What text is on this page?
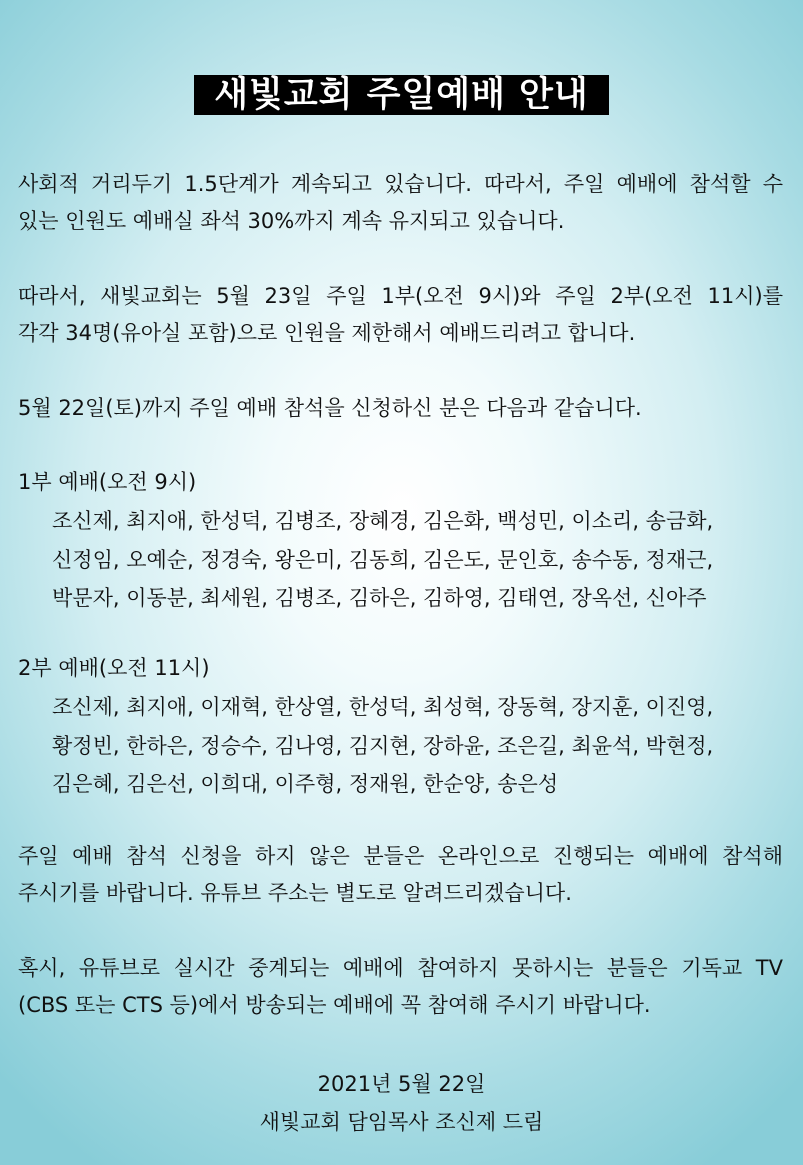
새빛교회 주일예배 안내

사회적 거리두기 1.5단계가 계속되고 있습니다. 따라서, 주일 예배에 참석할 수
있는 인원도 예배실 좌석 30%까지 계속 유지되고 있습니다.

따라서, 새빛교회는 5월 23일 주일 1부(오전 9시)와 주일 2부(오전 11시)를
각각 34명(유아실 포함)으로 인원을 제한해서 예배드리려고 합니다.

5월 22일(토)까지 주일 예배 참석을 신청하신 분은 다음과 같습니다.

1부 예배(오전 9시)

조신제, 최지애, 한성덕, 김병조, 장혜경, 김은화, 백성민, 이소리, 송금화,
신정임, 오예순, 정경숙, 왕은미, 김동희, 김은도, 문인호, 송수동, 정재근,
박문자, 이동분, 최세원, 김병조, 김하은, 김하영, 김태연, 장옥선, 신아주

2부 예배(오전 11시)

조신제, 최지애, 이재혁, 한상열, 한성덕, 최성혁, 장동혁, 장지훈, 이진영,
황정빈, 한하은, 정승수, 김나영, 김지현, 장하윤, 조은길, 최윤석, 박현정,
김은혜, 김은선, 이희대, 이주형, 정재원, 한순양, 송은성

주일 예배 참석 신청을 하지 않은 분들은 온라인으로 진행되는 예배에 참석해
주시기를 바랍니다. 유튜브 주소는 별도로 알려드리겠습니다.

혹시, 유튜브로 실시간 중계되는 예배에 참여하지 못하시는 분들은 기독교 TV
(CBS 또는 CTS 등)에서 방송되는 예배에 꼭 참여해 주시기 바랍니다.

2021년 5월 22일

새빛교회 담임목사 조신제 드림
